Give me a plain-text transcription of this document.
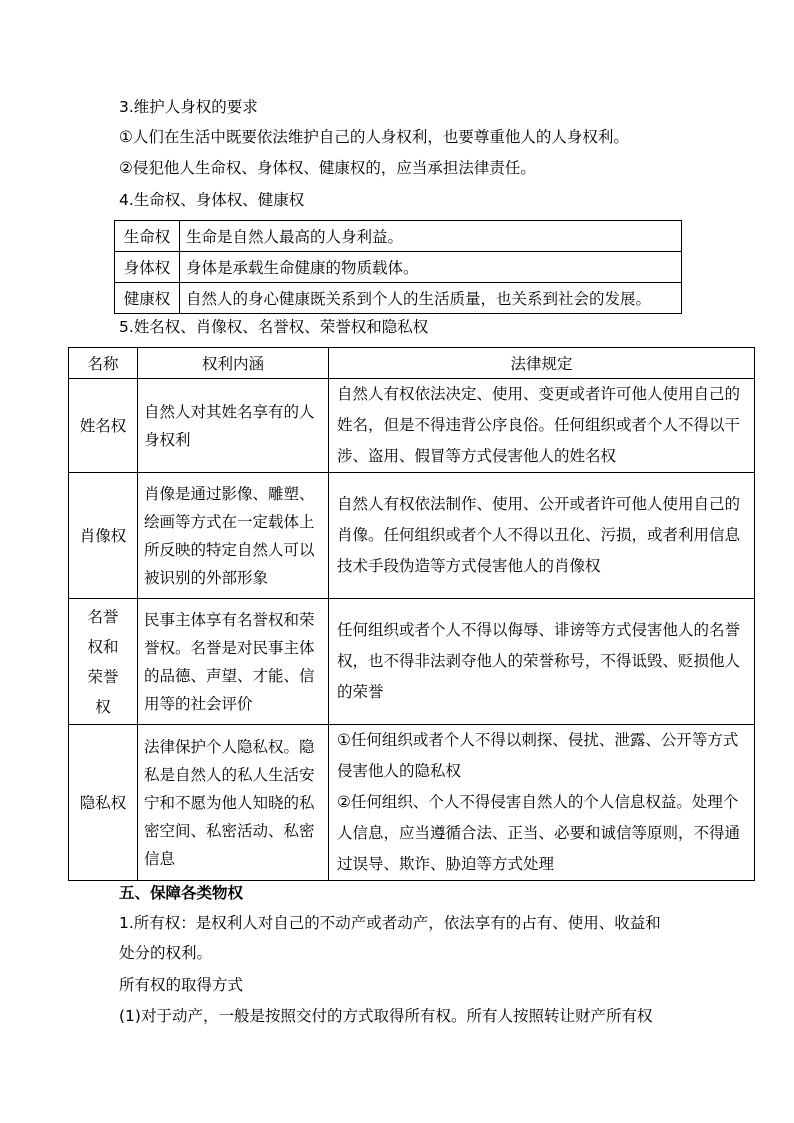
3.维护人身权的要求
①人们在生活中既要依法维护自己的人身权利，也要尊重他人的人身权利。
②侵犯他人生命权、身体权、健康权的，应当承担法律责任。
4.生命权、身体权、健康权
生命权	生命是自然人最高的人身利益。
身体权	身体是承载生命健康的物质载体。
健康权	自然人的身心健康既关系到个人的生活质量，也关系到社会的发展。
5.姓名权、肖像权、名誉权、荣誉权和隐私权
名称	权利内涵	法律规定
姓名权	自然人对其姓名享有的人身权利	自然人有权依法决定、使用、变更或者许可他人使用自己的姓名，但是不得违背公序良俗。任何组织或者个人不得以干涉、盗用、假冒等方式侵害他人的姓名权
肖像权	肖像是通过影像、雕塑、绘画等方式在一定载体上所反映的特定自然人可以被识别的外部形象	自然人有权依法制作、使用、公开或者许可他人使用自己的肖像。任何组织或者个人不得以丑化、污损，或者利用信息技术手段伪造等方式侵害他人的肖像权

名誉权和荣誉权	民事主体享有名誉权和荣誉权。名誉是对民事主体的品德、声望、才能、信用等的社会评价	任何组织或者个人不得以侮辱、诽谤等方式侵害他人的名誉权，也不得非法剥夺他人的荣誉称号，不得诋毁、贬损他人的荣誉
隐私权	法律保护个人隐私权。隐私是自然人的私人生活安宁和不愿为他人知晓的私密空间、私密活动、私密信息	①任何组织或者个人不得以刺探、侵扰、泄露、公开等方式侵害他人的隐私权
②任何组织、个人不得侵害自然人的个人信息权益。处理个人信息，应当遵循合法、正当、必要和诚信等原则，不得通过误导、欺诈、胁迫等方式处理
五、保障各类物权
1.所有权：是权利人对自己的不动产或者动产，依法享有的占有、使用、收益和
处分的权利。
所有权的取得方式
(1)对于动产，一般是按照交付的方式取得所有权。所有人按照转让财产所有权
